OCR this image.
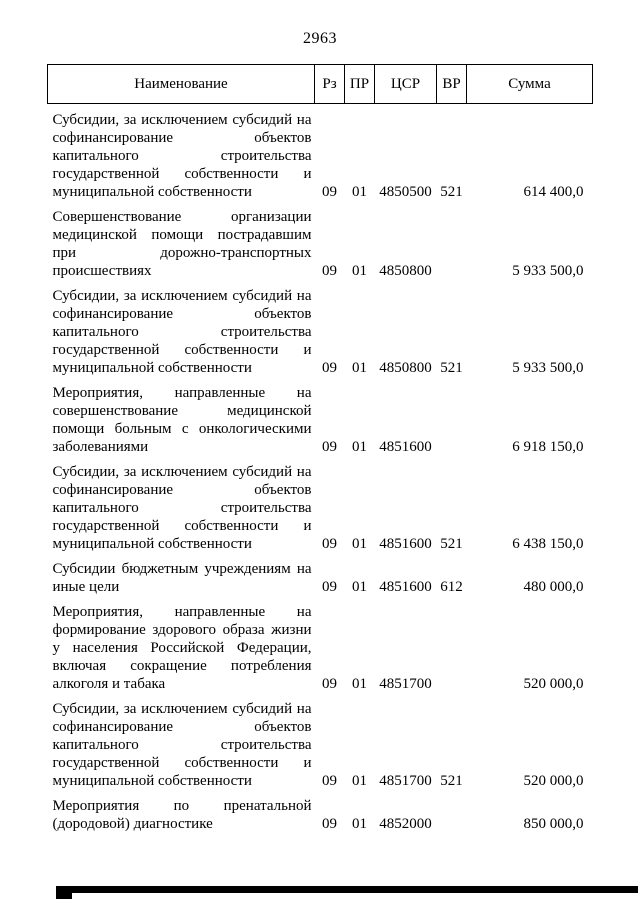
2963
Наименование	Рз	ПР	ЦСР	ВР	Сумма
Субсидии, за исключением субсидий на софинансирование объектов капитального строительства государственной собственности и муниципальной собственности	09	01	4850500	521	614 400,0
Совершенствование организации медицинской помощи пострадавшим при дорожно-транспортных происшествиях	09	01	4850800		5 933 500,0
Субсидии, за исключением субсидий на софинансирование объектов капитального строительства государственной собственности и муниципальной собственности	09	01	4850800	521	5 933 500,0
Мероприятия, направленные на совершенствование медицинской помощи больным с онкологическими заболеваниями	09	01	4851600		6 918 150,0
Субсидии, за исключением субсидий на софинансирование объектов капитального строительства государственной собственности и муниципальной собственности	09	01	4851600	521	6 438 150,0
Субсидии бюджетным учреждениям на иные цели	09	01	4851600	612	480 000,0
Мероприятия, направленные на формирование здорового образа жизни у населения Российской Федерации, включая сокращение потребления алкоголя и табака	09	01	4851700		520 000,0
Субсидии, за исключением субсидий на софинансирование объектов капитального строительства государственной собственности и муниципальной собственности	09	01	4851700	521	520 000,0
Мероприятия по пренатальной (дородовой) диагностике	09	01	4852000		850 000,0
